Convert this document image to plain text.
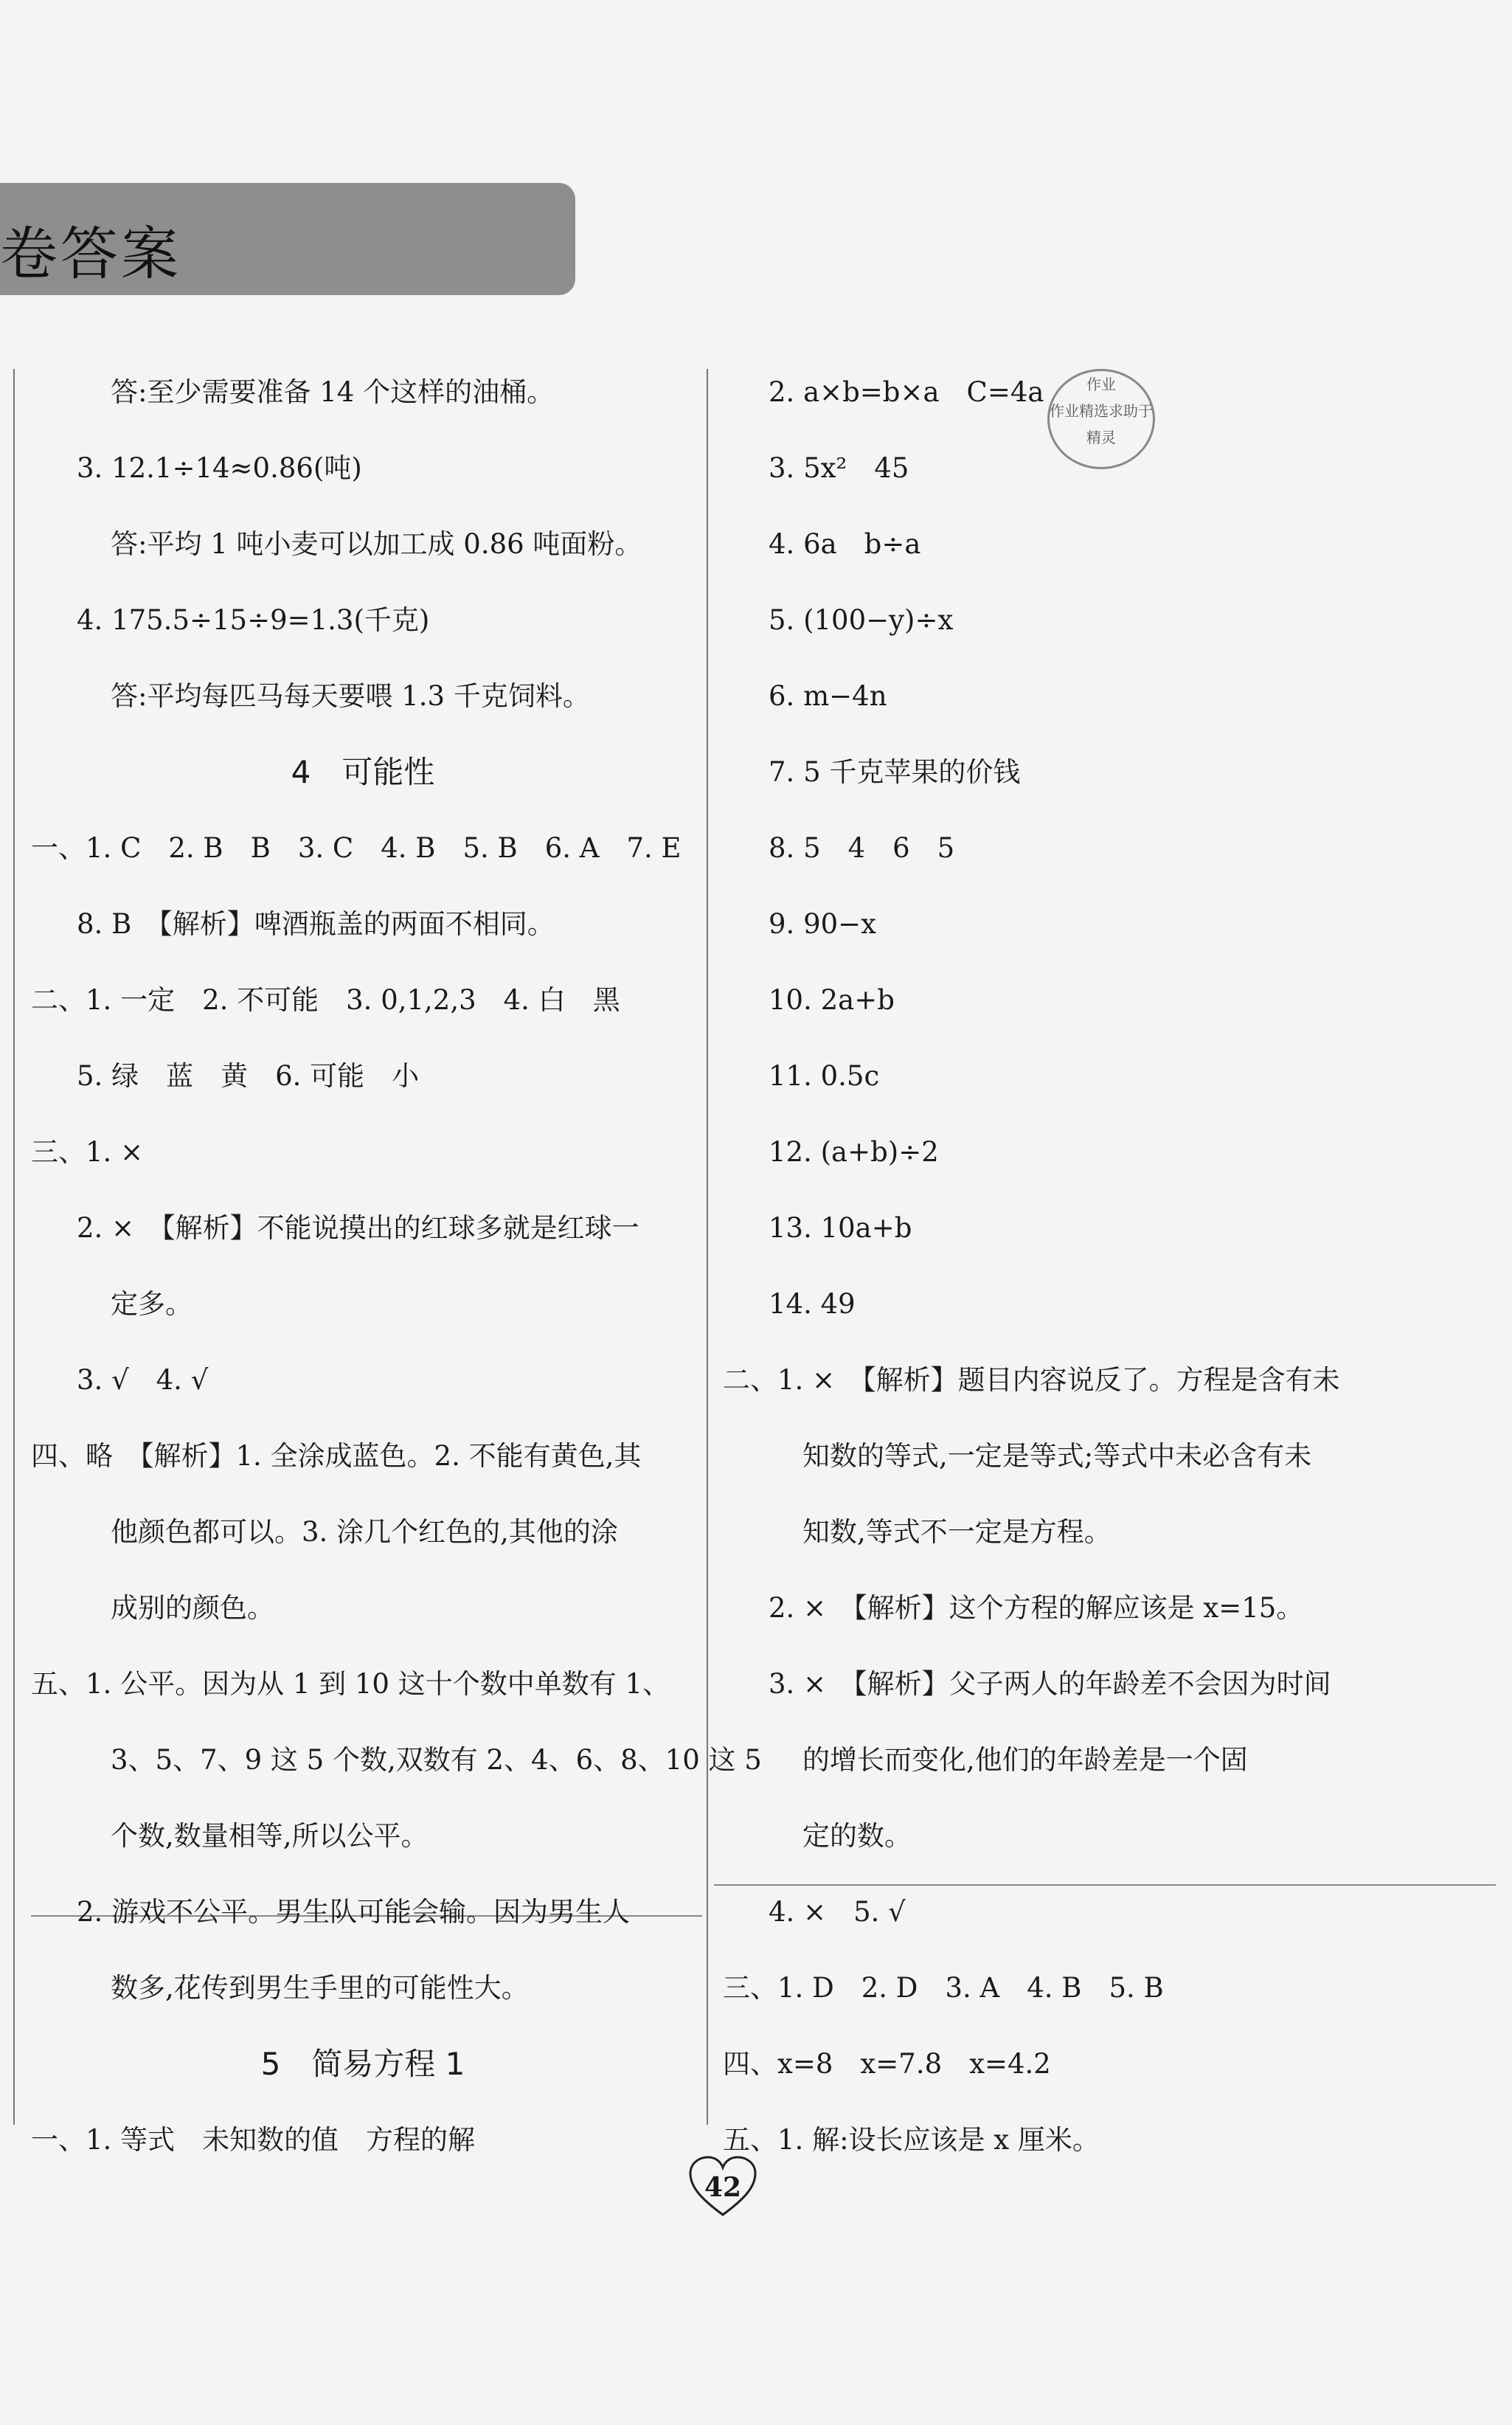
卷答案

答:至少需要准备 14 个这样的油桶。

3. 12.1÷14≈0.86(吨)

答:平均 1 吨小麦可以加工成 0.86 吨面粉。

4. 175.5÷15÷9=1.3(千克)

答:平均每匹马每天要喂 1.3 千克饲料。

4　可能性

一、1. C　2. B　B　3. C　4. B　5. B　6. A　7. E

8. B　【解析】啤酒瓶盖的两面不相同。

二、1. 一定　2. 不可能　3. 0,1,2,3　4. 白　黑

5. 绿　蓝　黄　6. 可能　小

三、1. ×

2. ×　【解析】不能说摸出的红球多就是红球一

定多。

3. √　4. √

四、略　【解析】1. 全涂成蓝色。2. 不能有黄色,其

他颜色都可以。3. 涂几个红色的,其他的涂

成别的颜色。

五、1. 公平。因为从 1 到 10 这十个数中单数有 1、

3、5、7、9 这 5 个数,双数有 2、4、6、8、10 这 5

个数,数量相等,所以公平。

2. 游戏不公平。男生队可能会输。因为男生人

数多,花传到男生手里的可能性大。

5　简易方程 1

一、1. 等式　未知数的值　方程的解

2. a×b=b×a　C=4a

3. 5x²　45

4. 6a　b÷a

5. (100−y)÷x

6. m−4n

7. 5 千克苹果的价钱

8. 5　4　6　5

9. 90−x

10. 2a+b

11. 0.5c

12. (a+b)÷2

13. 10a+b

14. 49

二、1. ×　【解析】题目内容说反了。方程是含有未

知数的等式,一定是等式;等式中未必含有未

知数,等式不一定是方程。

2. ×　【解析】这个方程的解应该是 x=15。

3. ×　【解析】父子两人的年龄差不会因为时间

的增长而变化,他们的年龄差是一个固

定的数。

4. ×　5. √

三、1. D　2. D　3. A　4. B　5. B

四、x=8　x=7.8　x=4.2

五、1. 解:设长应该是 x 厘米。

作业
作业精选求助于
精灵
42
